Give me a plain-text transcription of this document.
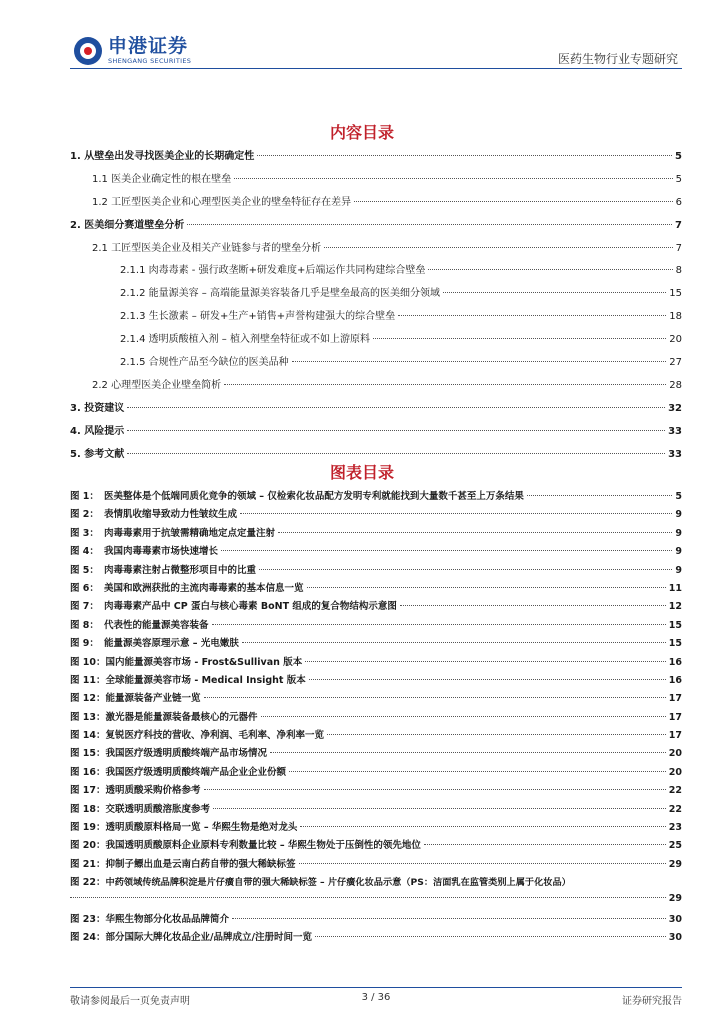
申港证券
SHENGANG SECURITIES	医药生物行业专题研究
内容目录
1. 从壁垒出发寻找医美企业的长期确定性	5
1.1 医美企业确定性的根在壁垒	5
1.2 工匠型医美企业和心理型医美企业的壁垒特征存在差异	6
2. 医美细分赛道壁垒分析	7
2.1 工匠型医美企业及相关产业链参与者的壁垒分析	7
2.1.1 肉毒毒素 - 强行政垄断+研发难度+后端运作共同构建综合壁垒	8
2.1.2 能量源美容 – 高端能量源美容装备几乎是壁垒最高的医美细分领域	15
2.1.3 生长激素 – 研发+生产+销售+声誉构建强大的综合壁垒	18
2.1.4 透明质酸植入剂 – 植入剂壁垒特征或不如上游原料	20
2.1.5 合规性产品至今缺位的医美品种	27
2.2 心理型医美企业壁垒简析	28
3. 投资建议	32
4. 风险提示	33
5. 参考文献	33
图表目录
图 1： 医美整体是个低端同质化竞争的领域 – 仅检索化妆品配方发明专利就能找到大量数千甚至上万条结果	5
图 2： 表情肌收缩导致动力性皱纹生成	9
图 3： 肉毒毒素用于抗皱需精确地定点定量注射	9
图 4： 我国肉毒毒素市场快速增长	9
图 5： 肉毒毒素注射占微整形项目中的比重	9
图 6： 美国和欧洲获批的主流肉毒毒素的基本信息一览	11
图 7： 肉毒毒素产品中 CP 蛋白与核心毒素 BoNT 组成的复合物结构示意图	12
图 8： 代表性的能量源美容装备	15
图 9： 能量源美容原理示意 – 光电嫩肤	15
图 10： 国内能量源美容市场 - Frost&Sullivan 版本	16
图 11： 全球能量源美容市场 - Medical Insight 版本	16
图 12： 能量源装备产业链一览	17
图 13： 激光器是能量源装备最核心的元器件	17
图 14： 复锐医疗科技的营收、净利润、毛利率、净利率一览	17
图 15： 我国医疗级透明质酸终端产品市场情况	20
图 16： 我国医疗级透明质酸终端产品企业企业份额	20
图 17： 透明质酸采购价格参考	22
图 18： 交联透明质酸溶胀度参考	22
图 19： 透明质酸原料格局一览 – 华熙生物是绝对龙头	23
图 20： 我国透明质酸原料企业原料专利数量比较 – 华熙生物处于压倒性的领先地位	25
图 21： 抑制子鳔出血是云南白药自带的强大稀缺标签	29
图 22： 中药领域传统品牌积淀是片仔癀自带的强大稀缺标签 – 片仔癀化妆品示意（PS：洁面乳在监管类别上属于化妆品）
29
图 23： 华熙生物部分化妆品品牌简介	30
图 24： 部分国际大牌化妆品企业/品牌成立/注册时间一览	30
敬请参阅最后一页免责声明	3 / 36	证券研究报告
